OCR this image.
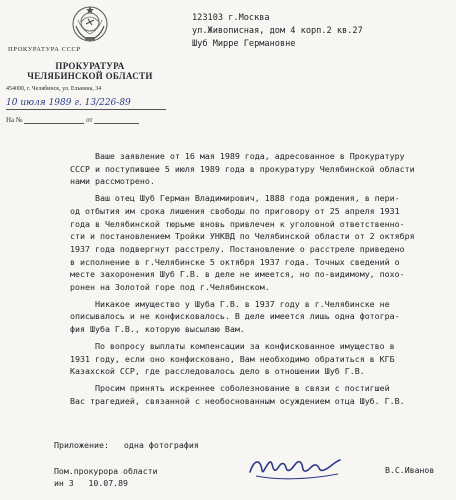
ПРОКУРАТУРА СССР
ПРОКУРАТУРА
ЧЕЛЯБИНСКОЙ ОБЛАСТИ
454000, г. Челябинск, ул. Елькина, 34
10 июля 1989 г. 13/226-89
На №	от
123103 г.Москва
ул.Живописная, дом 4 корп.2 кв.27
Шуб Мирре Германовне
Ваше заявление от 16 мая 1989 года, адресованное в Прокуратуру
СССР и поступившее 5 июля 1989 года в прокуратуру Челябинской области
нами рассмотрено.
Ваш отец Шуб Герман Владимирович, 1888 года рождения, в пери-
од отбытия им срока лишения свободы по приговору от 25 апреля 1931
года в Челябинской тюрьме вновь привлечен к уголовной ответственно-
сти и постановлением Тройки УНКВД по Челябинской области от 2 октября
1937 года подвергнут расстрелу. Постановление о расстреле приведено
в исполнение в г.Челябинске 5 октября 1937 года. Точных сведений о
месте захоронения Шуб Г.В. в деле не имеется, но по-видимому, похо-
ронен на Золотой горе под г.Челябинском.
Никакое имущество у Шуба Г.В. в 1937 году в г.Челябинске не
описывалось и не конфисковалось. В деле имеется лишь одна фотогра-
фия Шуба Г.В., которую высылаю Вам.
По вопросу выплаты компенсации за конфискованное имущество в
1931 году, если оно конфисковано, Вам необходимо обратиться в КГБ
Казахской ССР, где расследовалось дело в отношении Шуб Г.В.
Просим принять искреннее соболезнование в связи с постигшей
Вас трагедией, связанной с необоснованным осуждением отца Шуб. Г.В.
Приложение:   одна фотография
Пом.прокурора области
ин 3   10.07.89
В.С.Иванов
